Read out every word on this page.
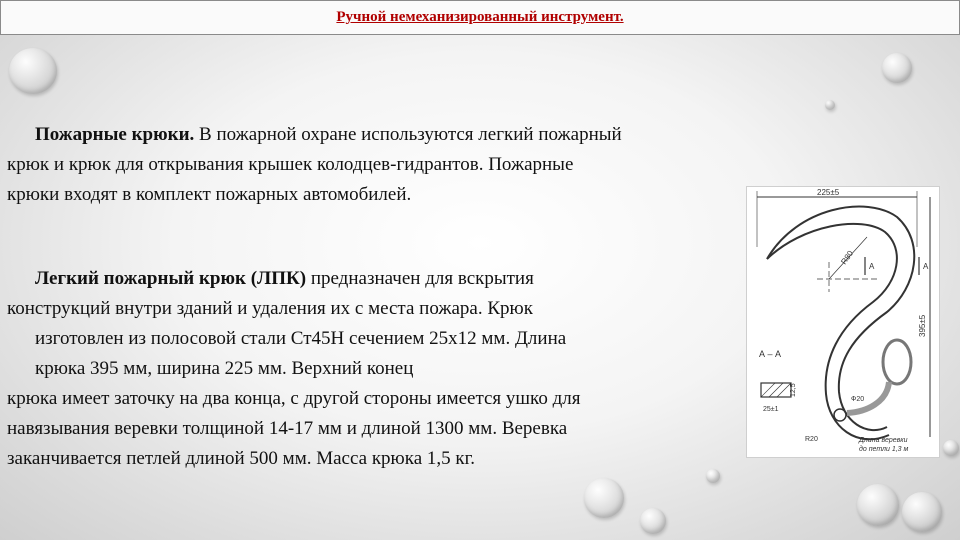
Ручной немеханизированный инструмент.

Пожарные крюки. В пожарной охране используются легкий пожарный

крюк и крюк для открывания крышек колодцев-гидрантов. Пожарные

крюки входят в комплект пожарных автомобилей.

Легкий пожарный крюк (ЛПК) предназначен для вскрытия

конструкций внутри зданий и удаления их с места пожара. Крюк

изготовлен из полосовой стали Ст45Н сечением 25х12 мм. Длина

крюка 395 мм, ширина 225 мм. Верхний конец

крюка имеет заточку на два конца, с другой стороны имеется ушко для

навязывания веревки толщиной 14-17 мм и длиной 1300 мм. Веревка

заканчивается петлей длиной 500 мм. Масса крюка 1,5 кг.

225±5
395±5
R80
А	А
А – А
12,5
25±1
Ф20
R20	Длина веревки
до петли 1,3 м
